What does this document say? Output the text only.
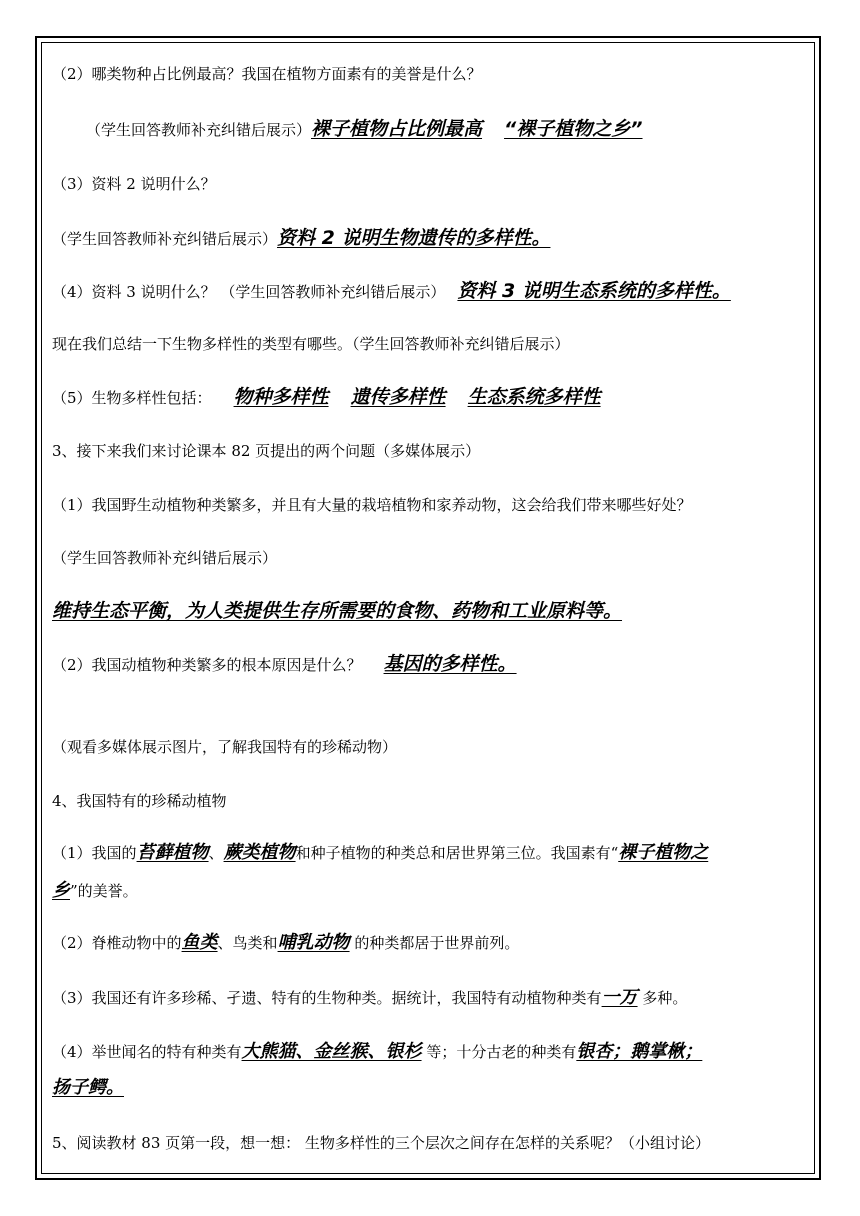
（2）哪类物种占比例最高？我国在植物方面素有的美誉是什么？
（学生回答教师补充纠错后展示）裸子植物占比例最高 “裸子植物之乡”
（3）资料 2 说明什么？
（学生回答教师补充纠错后展示）资料 2 说明生物遗传的多样性。
（4）资料 3 说明什么？ （学生回答教师补充纠错后展示） 资料 3 说明生态系统的多样性。
现在我们总结一下生物多样性的类型有哪些。（学生回答教师补充纠错后展示）
（5）生物多样性包括： 物种多样性 遗传多样性 生态系统多样性
3、接下来我们来讨论课本 82 页提出的两个问题（多媒体展示）
（1）我国野生动植物种类繁多，并且有大量的栽培植物和家养动物，这会给我们带来哪些好处？
（学生回答教师补充纠错后展示）
维持生态平衡，为人类提供生存所需要的食物、药物和工业原料等。
（2）我国动植物种类繁多的根本原因是什么？ 基因的多样性。
（观看多媒体展示图片，了解我国特有的珍稀动物）
4、我国特有的珍稀动植物
（1）我国的苔藓植物、蕨类植物和种子植物的种类总和居世界第三位。我国素有“裸子植物之
乡”的美誉。
（2）脊椎动物中的鱼类、鸟类和哺乳动物 的种类都居于世界前列。
（3）我国还有许多珍稀、孑遗、特有的生物种类。据统计，我国特有动植物种类有一万 多种。
（4）举世闻名的特有种类有大熊猫、金丝猴、银杉 等；十分古老的种类有银杏；鹅掌楸；
扬子鳄。
5、阅读教材 83 页第一段，想一想： 生物多样性的三个层次之间存在怎样的关系呢？（小组讨论）
